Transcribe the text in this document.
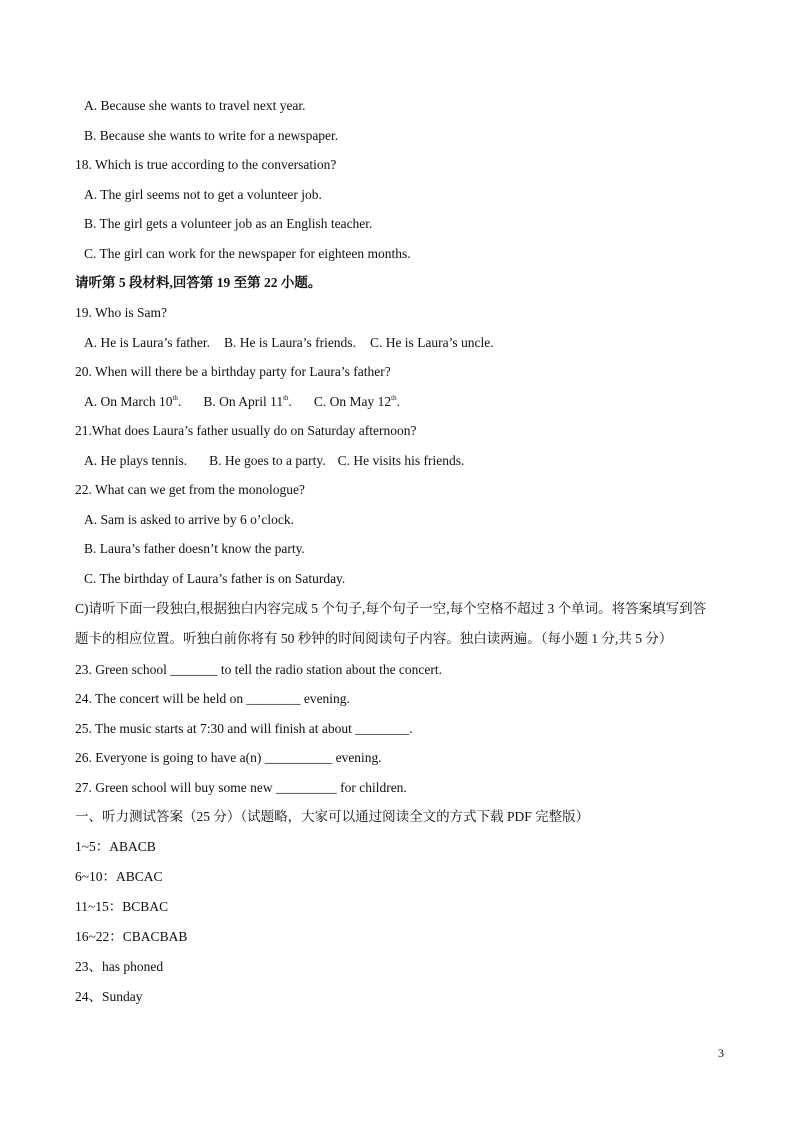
A. Because she wants to travel next year.
B. Because she wants to write for a newspaper.
18. Which is true according to the conversation?
A. The girl seems not to get a volunteer job.
B. The girl gets a volunteer job as an English teacher.
C. The girl can work for the newspaper for eighteen months.
请听第 5 段材料,回答第 19 至第 22 小题。
19. Who is Sam?
A. He is Laura’s father. B. He is Laura’s friends. C. He is Laura’s uncle.
20. When will there be a birthday party for Laura’s father?
A. On March 10th. B. On April 11th. C. On May 12th.
21.What does Laura’s father usually do on Saturday afternoon?
A. He plays tennis. B. He goes to a party. C. He visits his friends.
22. What can we get from the monologue?
A. Sam is asked to arrive by 6 o’clock.
B. Laura’s father doesn’t know the party.
C. The birthday of Laura’s father is on Saturday.
C)请听下面一段独白,根据独白内容完成 5 个句子,每个句子一空,每个空格不超过 3 个单词。将答案填写到答
题卡的相应位置。听独白前你将有 50 秒钟的时间阅读句子内容。独白读两遍。（每小题 1 分,共 5 分）
23. Green school _______ to tell the radio station about the concert.
24. The concert will be held on ________ evening.
25. The music starts at 7:30 and will finish at about ________.
26. Everyone is going to have a(n) __________ evening.
27. Green school will buy some new _________ for children.
一、听力测试答案（25 分）（试题略，大家可以通过阅读全文的方式下载 PDF 完整版）
1~5：ABACB
6~10：ABCAC
11~15：BCBAC
16~22：CBACBAB
23、has phoned
24、Sunday
3
